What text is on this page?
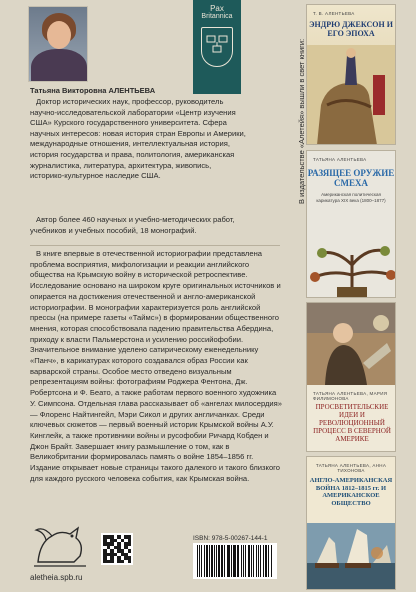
Pax
Britannica
Татьяна Викторовна АЛЕНТЬЕВА

Доктор исторических наук, профессор, руководитель научно-исследовательской лаборатории «Центр изучения США» Курского государственного университета. Сфера научных интересов: новая история стран Европы и Америки, международные отношения, интеллектуальная история, история государства и права, политология, американская журналистика, литература, архитектура, живопись, историко-культурное наследие США.

Автор более 460 научных и учебно-методических работ, учебников и учебных пособий, 18 монографий.

В книге впервые в отечественной историографии представлена проблема восприятия, мифологизации и реакции английского общества на Крымскую войну в исторической ретроспективе. Исследование основано на широком круге оригинальных источников и опирается на достижения отечественной и англо-американской историографии. В монографии характеризуется роль английской прессы (на примере газеты «Таймс») в формировании общественного мнения, которая способствовала падению правительства Абердина, приходу к власти Пальмерстона и усилению российофобии. Значительное внимание уделено сатирическому еженедельнику «Панч», в карикатурах которого создавался образ России как варварской страны. Особое место отведено визуальным репрезентациям войны: фотографиям Роджера Фентона, Дж. Робертсона и Ф. Беато, а также работам первого военного художника У. Симпсона. Отдельная глава рассказывает об «ангелах милосердия» — Флоренс Найтингейл, Мэри Сикол и других англичанках. Среди ключевых сюжетов — первый военный историк Крымской войны А.У. Кинглейк, а также противники войны и русофобии Ричард Кобден и Джон Брайт. Завершает книгу размышление о том, как в Великобритании формировалась память о войне 1854–1856 гг. Издание открывает новые страницы такого далекого и такого близкого для каждого русского человека события, как Крымская война.

aletheia.spb.ru
ISBN: 978-5-00267-144-1
В издательстве «Алетейя» вышли в свет книги:
Т. В. АЛЕНТЬЕВА
ЭНДРЮ ДЖЕКСОН И ЕГО ЭПОХА
ТАТЬЯНА АЛЕНТЬЕВА
РАЗЯЩЕЕ ОРУЖИЕ СМЕХА
Американская политическая карикатура XIX века (1800–1877)
ТАТЬЯНА АЛЕНТЬЕВА, МАРИЯ ФИЛИМОНОВА
ПРОСВЕТИТЕЛЬСКИЕ ИДЕИ И РЕВОЛЮЦИОННЫЙ ПРОЦЕСС В СЕВЕРНОЙ АМЕРИКЕ
ТАТЬЯНА АЛЕНТЬЕВА, АННА ТИХОНОВА
АНГЛО-АМЕРИКАНСКАЯ ВОЙНА 1812–1815 гг. И АМЕРИКАНСКОЕ ОБЩЕСТВО
